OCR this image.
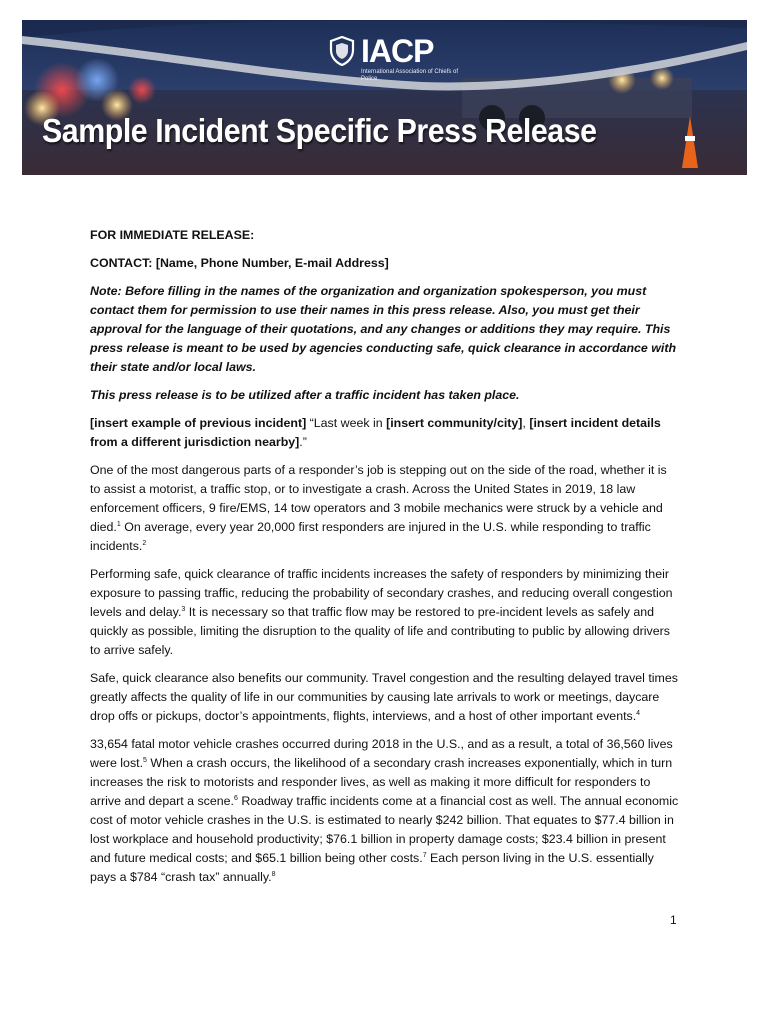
IACP
International Association of Chiefs of Police
Sample Incident Specific Press Release

FOR IMMEDIATE RELEASE:

CONTACT: [Name, Phone Number, E-mail Address]

Note: Before filling in the names of the organization and organization spokesperson, you must contact them for permission to use their names in this press release. Also, you must get their approval for the language of their quotations, and any changes or additions they may require. This press release is meant to be used by agencies conducting safe, quick clearance in accordance with their state and/or local laws.

This press release is to be utilized after a traffic incident has taken place.

[insert example of previous incident] “Last week in [insert community/city], [insert incident details from a different jurisdiction nearby].”

One of the most dangerous parts of a responder’s job is stepping out on the side of the road, whether it is to assist a motorist, a traffic stop, or to investigate a crash. Across the United States in 2019, 18 law enforcement officers, 9 fire/EMS, 14 tow operators and 3 mobile mechanics were struck by a vehicle and died.$^1$ On average, every year 20,000 first responders are injured in the U.S. while responding to traffic incidents.$^2$

Performing safe, quick clearance of traffic incidents increases the safety of responders by minimizing their exposure to passing traffic, reducing the probability of secondary crashes, and reducing overall congestion levels and delay.$^3$ It is necessary so that traffic flow may be restored to pre-incident levels as safely and quickly as possible, limiting the disruption to the quality of life and contributing to public by allowing drivers to arrive safely.

Safe, quick clearance also benefits our community. Travel congestion and the resulting delayed travel times greatly affects the quality of life in our communities by causing late arrivals to work or meetings, daycare drop offs or pickups, doctor’s appointments, flights, interviews, and a host of other important events.$^4$

33,654 fatal motor vehicle crashes occurred during 2018 in the U.S., and as a result, a total of 36,560 lives were lost.$^5$ When a crash occurs, the likelihood of a secondary crash increases exponentially, which in turn increases the risk to motorists and responder lives, as well as making it more difficult for responders to arrive and depart a scene.$^6$ Roadway traffic incidents come at a financial cost as well. The annual economic cost of motor vehicle crashes in the U.S. is estimated to nearly $242 billion. That equates to $77.4 billion in lost workplace and household productivity; $76.1 billion in property damage costs; $23.4 billion in present and future medical costs; and $65.1 billion being other costs.$^7$ Each person living in the U.S. essentially pays a $784 “crash tax” annually.$^8$

1
